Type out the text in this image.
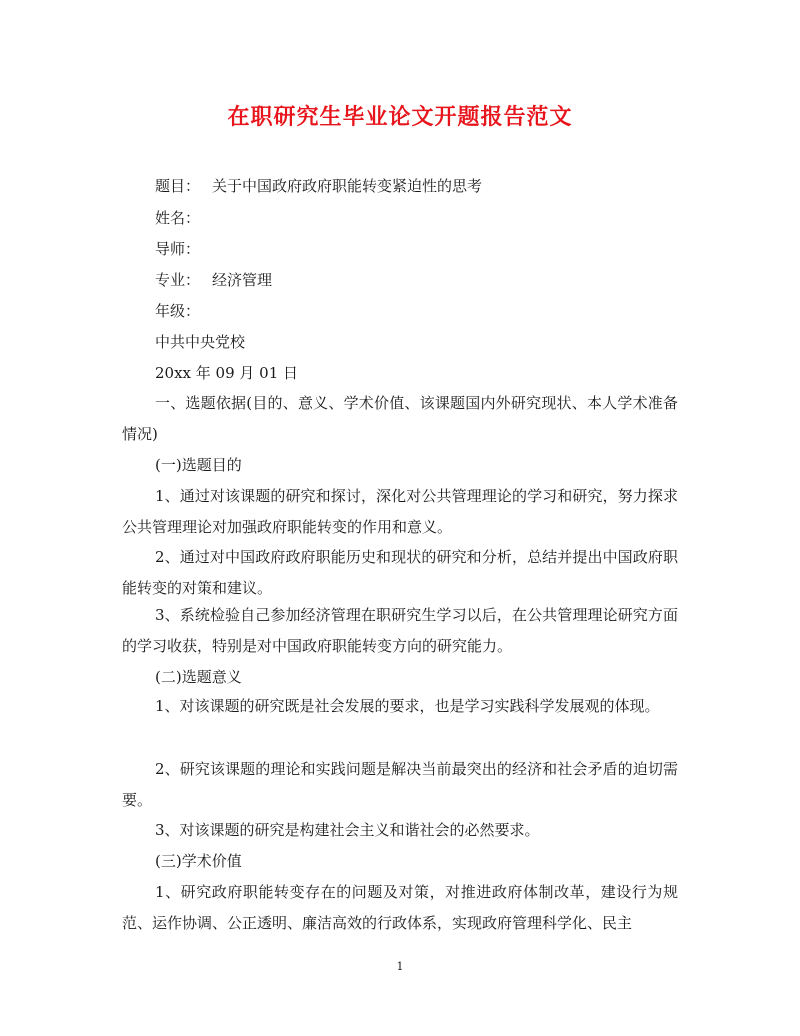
在职研究生毕业论文开题报告范文
题目： 关于中国政府政府职能转变紧迫性的思考
姓名：
导师：
专业： 经济管理
年级：
中共中央党校
20xx 年 09 月 01 日
一、选题依据(目的、意义、学术价值、该课题国内外研究现状、本人学术准备情况)
(一)选题目的
1、通过对该课题的研究和探讨，深化对公共管理理论的学习和研究，努力探求公共管理理论对加强政府职能转变的作用和意义。
2、通过对中国政府政府职能历史和现状的研究和分析，总结并提出中国政府职能转变的对策和建议。
3、系统检验自己参加经济管理在职研究生学习以后，在公共管理理论研究方面的学习收获，特别是对中国政府职能转变方向的研究能力。
(二)选题意义
1、对该课题的研究既是社会发展的要求，也是学习实践科学发展观的体现。
2、研究该课题的理论和实践问题是解决当前最突出的经济和社会矛盾的迫切需要。
3、对该课题的研究是构建社会主义和谐社会的必然要求。
(三)学术价值
1、研究政府职能转变存在的问题及对策，对推进政府体制改革，建设行为规范、运作协调、公正透明、廉洁高效的行政体系，实现政府管理科学化、民主
1
